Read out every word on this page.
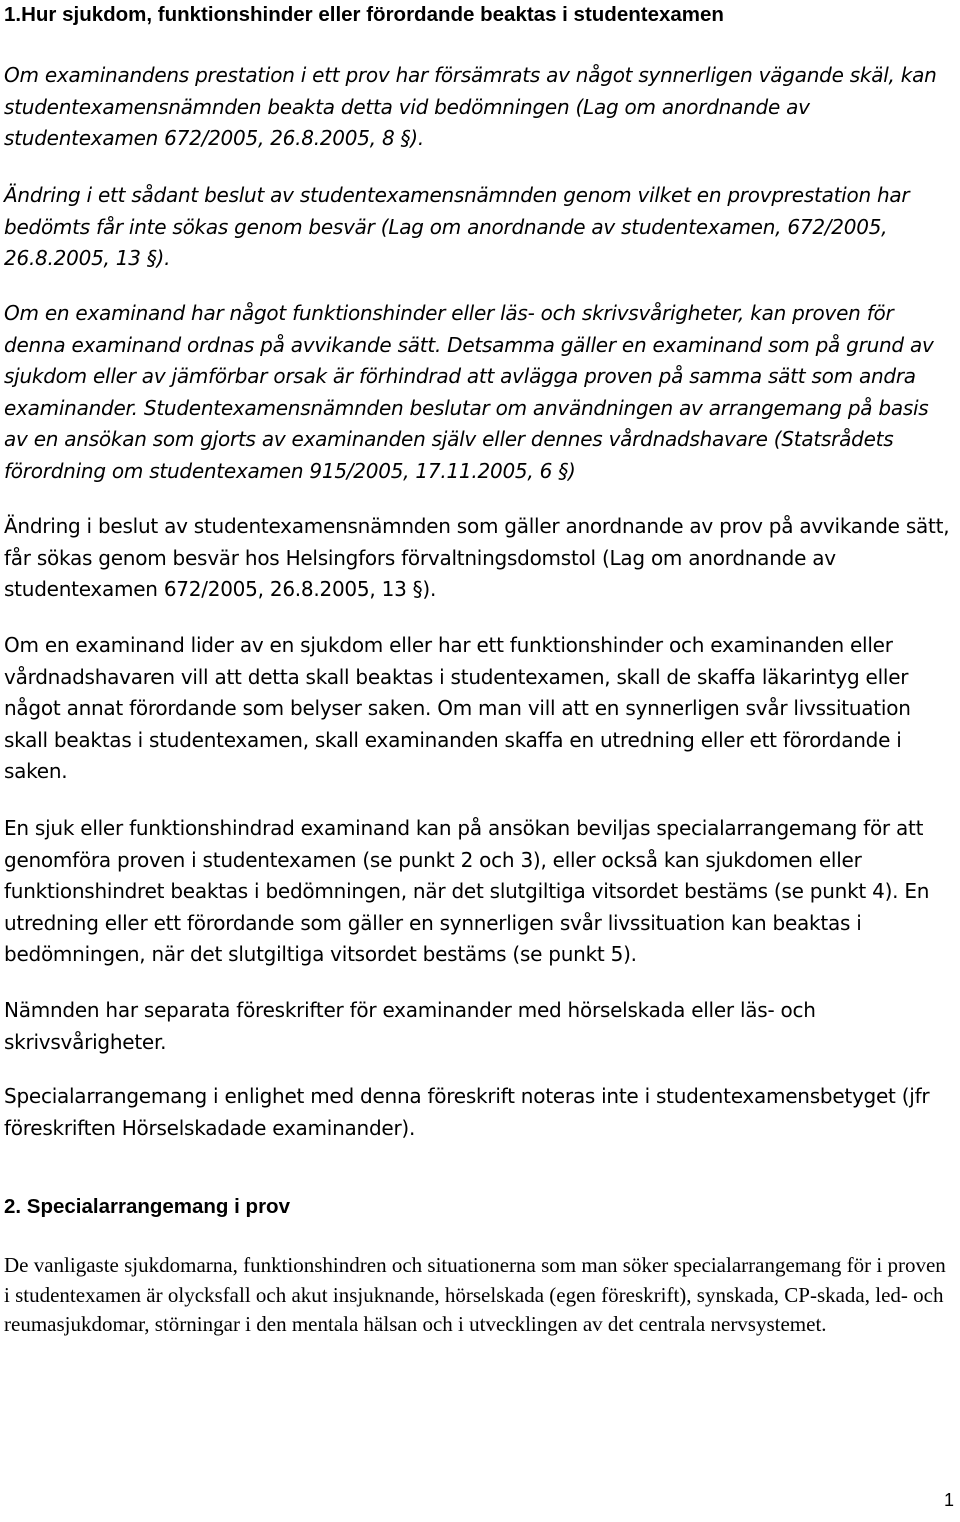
1.Hur sjukdom, funktionshinder eller förordande beaktas i studentexamen

Om examinandens prestation i ett prov har försämrats av något synnerligen vägande skäl, kan studentexamensnämnden beakta detta vid bedömningen (Lag om anordnande av studentexamen 672/2005, 26.8.2005, 8 §).

Ändring i ett sådant beslut av studentexamensnämnden genom vilket en provprestation har bedömts får inte sökas genom besvär (Lag om anordnande av studentexamen, 672/2005, 26.8.2005, 13 §).

Om en examinand har något funktionshinder eller läs- och skrivsvårigheter, kan proven för denna examinand ordnas på avvikande sätt. Detsamma gäller en examinand som på grund av sjukdom eller av jämförbar orsak är förhindrad att avlägga proven på samma sätt som andra examinander. Studentexamensnämnden beslutar om användningen av arrangemang på basis av en ansökan som gjorts av examinanden själv eller dennes vårdnadshavare (Statsrådets förordning om studentexamen 915/2005, 17.11.2005, 6 §)

Ändring i beslut av studentexamensnämnden som gäller anordnande av prov på avvikande sätt, får sökas genom besvär hos Helsingfors förvaltningsdomstol (Lag om anordnande av studentexamen 672/2005, 26.8.2005, 13 §).

Om en examinand lider av en sjukdom eller har ett funktionshinder och examinanden eller vårdnadshavaren vill att detta skall beaktas i studentexamen, skall de skaffa läkarintyg eller något annat förordande som belyser saken. Om man vill att en synnerligen svår livssituation skall beaktas i studentexamen, skall examinanden skaffa en utredning eller ett förordande i saken.

En sjuk eller funktionshindrad examinand kan på ansökan beviljas specialarrangemang för att genomföra proven i studentexamen (se punkt 2 och 3), eller också kan sjukdomen eller funktionshindret beaktas i bedömningen, när det slutgiltiga vitsordet bestäms (se punkt 4). En utredning eller ett förordande som gäller en synnerligen svår livssituation kan beaktas i bedömningen, när det slutgiltiga vitsordet bestäms (se punkt 5).

Nämnden har separata föreskrifter för examinander med hörselskada eller läs- och skrivsvårigheter.

Specialarrangemang i enlighet med denna föreskrift noteras inte i studentexamensbetyget (jfr föreskriften Hörselskadade examinander).

2. Specialarrangemang i prov

De vanligaste sjukdomarna, funktionshindren och situationerna som man söker specialarrangemang för i proven i studentexamen är olycksfall och akut insjuknande, hörselskada (egen föreskrift), synskada, CP-skada, led- och reumasjukdomar, störningar i den mentala hälsan och i utvecklingen av det centrala nervsystemet.

1
